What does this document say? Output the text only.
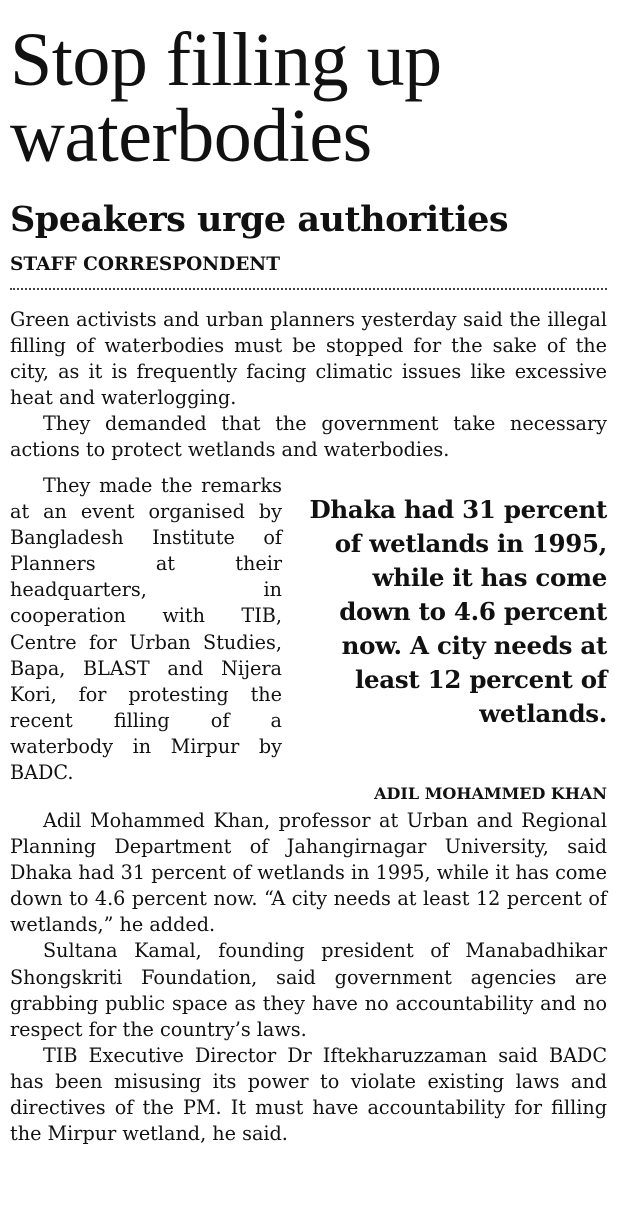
Stop filling up waterbodies
Speakers urge authorities
STAFF CORRESPONDENT

Green activists and urban planners yesterday said the illegal filling of waterbodies must be stopped for the sake of the city, as it is frequently facing climatic issues like excessive heat and waterlogging.

They demanded that the government take necessary actions to protect wetlands and waterbodies.

They made the remarks at an event organised by Bangladesh Institute of Planners at their headquarters, in cooperation with TIB, Centre for Urban Studies, Bapa, BLAST and Nijera Kori, for protesting the recent filling of a waterbody in Mirpur by BADC.

Dhaka had 31 percent of wetlands in 1995, while it has come down to 4.6 percent now. A city needs at least 12 percent of wetlands.
ADIL MOHAMMED KHAN

Adil Mohammed Khan, professor at Urban and Regional Planning Department of Jahangirnagar University, said Dhaka had 31 percent of wetlands in 1995, while it has come down to 4.6 percent now. “A city needs at least 12 percent of wetlands,” he added.

Sultana Kamal, founding president of Manabadhikar Shongskriti Foundation, said government agencies are grabbing public space as they have no accountability and no respect for the country’s laws.

TIB Executive Director Dr Iftekharuzzaman said BADC has been misusing its power to violate existing laws and directives of the PM. It must have accountability for filling the Mirpur wetland, he said.
